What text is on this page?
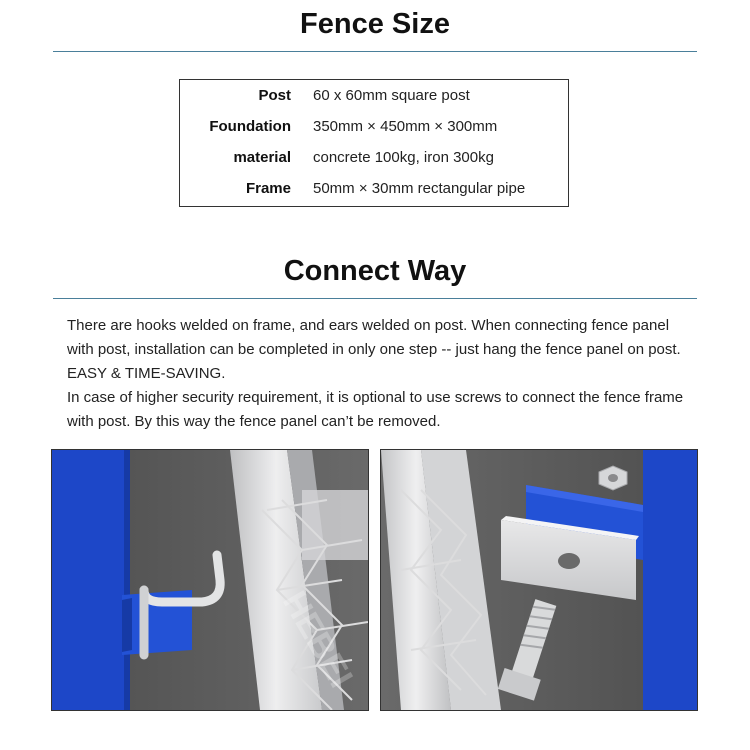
Fence Size
Post 60 x 60mm square post
Foundation 350mm × 450mm × 300mm
material concrete 100kg, iron 300kg
Frame 50mm × 30mm rectangular pipe
Connect Way

There are hooks welded on frame, and ears welded on post. When connecting fence panel with post, installation can be completed in only one step -- just hang the fence panel on post. EASY & TIME-SAVING.

In case of higher security requirement, it is optional to use screws to connect the fence frame with post. By this way the fence panel can’t be removed.

HEBEI
